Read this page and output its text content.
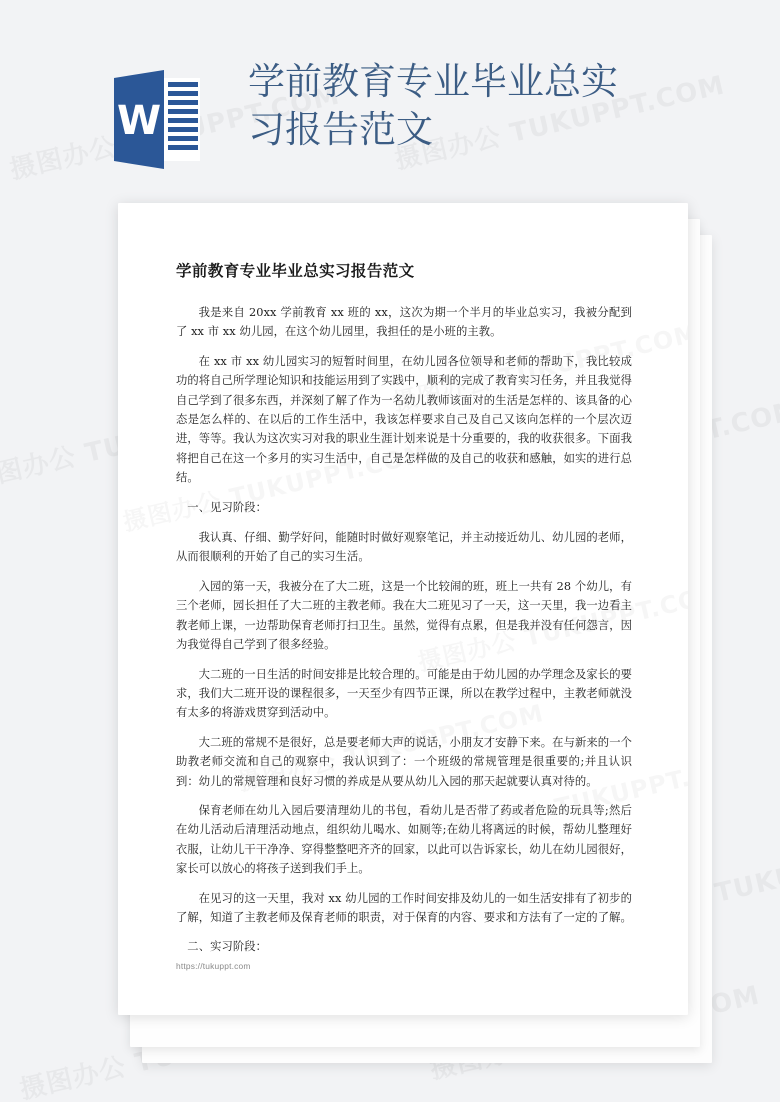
W
学前教育专业毕业总实
习报告范文
学前教育专业毕业总实习报告范文
我是来自 20xx 学前教育 xx 班的 xx，这次为期一个半月的毕业总实习，我被分配到了 xx 市 xx 幼儿园，在这个幼儿园里，我担任的是小班的主教。
在 xx 市 xx 幼儿园实习的短暂时间里，在幼儿园各位领导和老师的帮助下，我比较成功的将自己所学理论知识和技能运用到了实践中，顺利的完成了教育实习任务，并且我觉得自己学到了很多东西，并深刻了解了作为一名幼儿教师该面对的生活是怎样的、该具备的心态是怎么样的、在以后的工作生活中，我该怎样要求自己及自己又该向怎样的一个层次迈进，等等。我认为这次实习对我的职业生涯计划来说是十分重要的，我的收获很多。下面我将把自己在这一个多月的实习生活中，自己是怎样做的及自己的收获和感触，如实的进行总结。
一、见习阶段：
我认真、仔细、勤学好问，能随时时做好观察笔记，并主动接近幼儿、幼儿园的老师，从而很顺利的开始了自己的实习生活。
入园的第一天，我被分在了大二班，这是一个比较闹的班，班上一共有 28 个幼儿，有三个老师，园长担任了大二班的主教老师。我在大二班见习了一天，这一天里，我一边看主教老师上课，一边帮助保育老师打扫卫生。虽然，觉得有点累，但是我并没有任何怨言，因为我觉得自己学到了很多经验。
大二班的一日生活的时间安排是比较合理的。可能是由于幼儿园的办学理念及家长的要求，我们大二班开设的课程很多，一天至少有四节正课，所以在教学过程中，主教老师就没有太多的将游戏贯穿到活动中。
大二班的常规不是很好，总是要老师大声的说话，小朋友才安静下来。在与新来的一个助教老师交流和自己的观察中，我认识到了：一个班级的常规管理是很重要的;并且认识到：幼儿的常规管理和良好习惯的养成是从要从幼儿入园的那天起就要认真对待的。
保育老师在幼儿入园后要清理幼儿的书包，看幼儿是否带了药或者危险的玩具等;然后在幼儿活动后清理活动地点，组织幼儿喝水、如厕等;在幼儿将离远的时候，帮幼儿整理好衣服，让幼儿干干净净、穿得整整吧齐齐的回家，以此可以告诉家长，幼儿在幼儿园很好，家长可以放心的将孩子送到我们手上。
在见习的这一天里，我对 xx 幼儿园的工作时间安排及幼儿的一如生活安排有了初步的了解，知道了主教老师及保育老师的职责，对于保育的内容、要求和方法有了一定的了解。
二、实习阶段：
https://tukuppt.com
